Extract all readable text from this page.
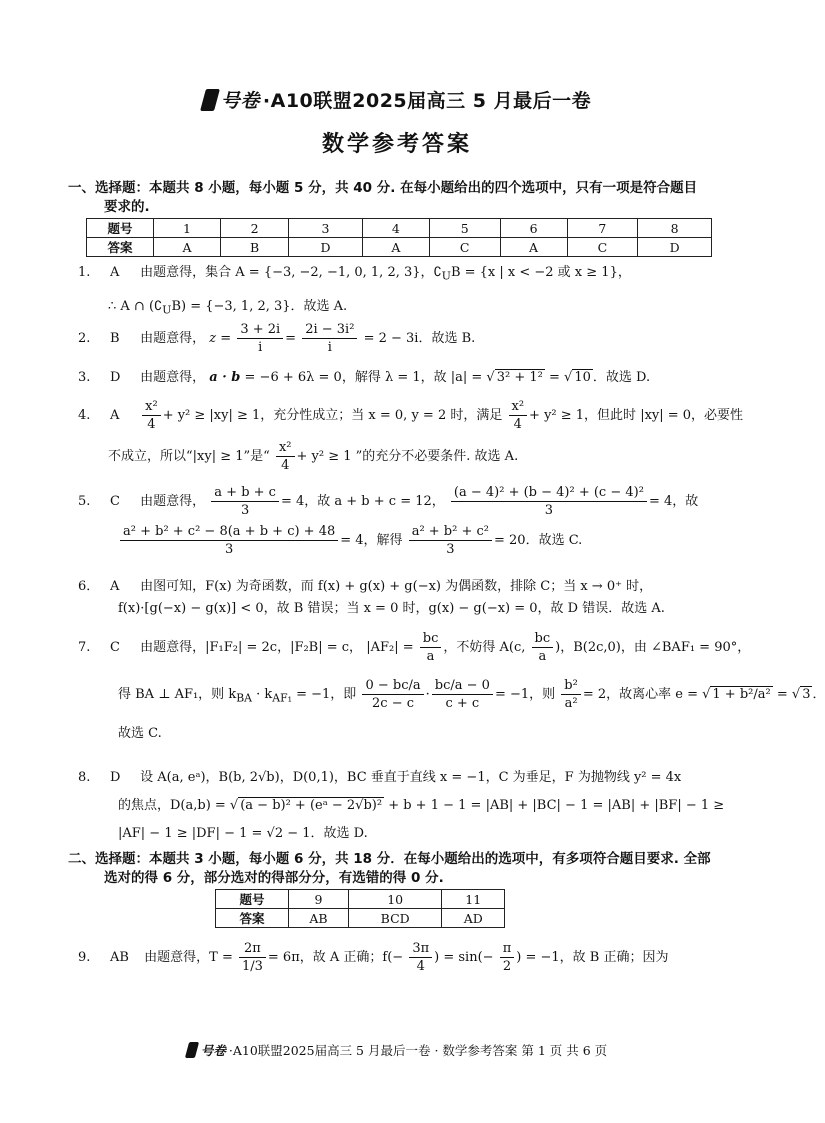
号卷 ·A10联盟2025届高三 5 月最后一卷
数学参考答案
一、选择题：本题共 8 小题，每小题 5 分，共 40 分. 在每小题给出的四个选项中，只有一项是符合题目
要求的.
题号	1	2	3	4	5	6	7	8
答案	A	B	D	A	C	A	C	D
1. A 由题意得，集合 A = {−3, −2, −1, 0, 1, 2, 3}，$∁_UB = \{x$ | x < −2 或 x ≥ 1}，
∴ A ∩ $(∁_UB) = \{-3$, 1, 2, 3}．故选 A.
2. B 由题意得， $z = \frac{3 + 2i}{i} = \frac{\text{2i − 3i²}}{i} = 2 - 3i$．故选 B.
3. D 由题意得， a · b = −6 + 6λ = 0，解得 λ = 1，故 |a| = √ 3² + 1² = √ 10 ．故选 D.
4. A $\frac{\text{x²}}{4} + y^2 \ge |xy| \ge 1$，充分性成立；当 x = 0, y = 2 时，满足 $\frac{\text{x²}}{4} + y^2 \ge 1$，但此时 |xy| = 0，必要性
不成立，所以“|xy| ≥ 1”是“ $\frac{\text{x²}}{4} + y^2 \ge 1$ ”的充分不必要条件. 故选 A.
5. C 由题意得， $\frac{a + b + c}{3} = 4$，故 a + b + c = 12， $\frac{\text{(a − 4)² + (b − 4)² + (c − 4)²}}{3} = 4$，故
$\frac{\text{a² + b² + c² − 8(a + b + c) + 48}}{3} = 4$，解得 $\frac{\text{a² + b² + c²}}{3} = 20$．故选 C.
6． A 由图可知，F(x) 为奇函数，而 f(x) + g(x) + g(−x) 为偶函数，排除 C；当 x → 0⁺ 时，
f(x)·[g(−x) − g(x)] < 0，故 B 错误；当 x = 0 时，g(x) − g(−x) = 0，故 D 错误．故选 A.
7. C 由题意得，|F₁F₂| = 2c，|F₂B| = c， $|AF_2| = \frac{bc}{a}$ ，不妨得 A(c, $\frac{bc}{a}$ )，B(2c,0)，由 ∠BAF₁ = 90°，
得 BA ⊥ AF₁，则 $k_{BA} \cdot k_{AF_1} = -1$，即 $\frac{0 - bc/a}{2c - c} \cdot \frac{bc/a - 0}{c + c} = -1$，则 $\frac{\text{b²}}{\text{a²}} = 2$，故离心率 e = √ 1 + b²/a² = √ 3 ．
故选 C.
8. D 设 A(a, eᵃ)，B(b, 2√b)，D(0,1)，BC 垂直于直线 x = −1，C 为垂足，F 为抛物线 y² = 4x
的焦点，D(a,b) = √ (a − b)² + (eᵃ − 2√b)² + b + 1 − 1 = |AB| + |BC| − 1 = |AB| + |BF| − 1 ≥
|AF| − 1 ≥ |DF| − 1 = √2 − 1．故选 D.
二、选择题：本题共 3 小题，每小题 6 分，共 18 分．在每小题给出的选项中，有多项符合题目要求. 全部
选对的得 6 分，部分选对的得部分分，有选错的得 0 分.
题号	9	10	11
答案	AB	BCD	AD
9. AB 由题意得，$T = \frac{2\pi}{1/3} = 6\pi$，故 A 正确；$f(- \frac{3\pi}{4}$ ) = $\sin(- \frac{\pi}{2}$ ) = −1，故 B 正确；因为
号卷 ·A10联盟2025届高三 5 月最后一卷 · 数学参考答案 第 1 页 共 6 页
